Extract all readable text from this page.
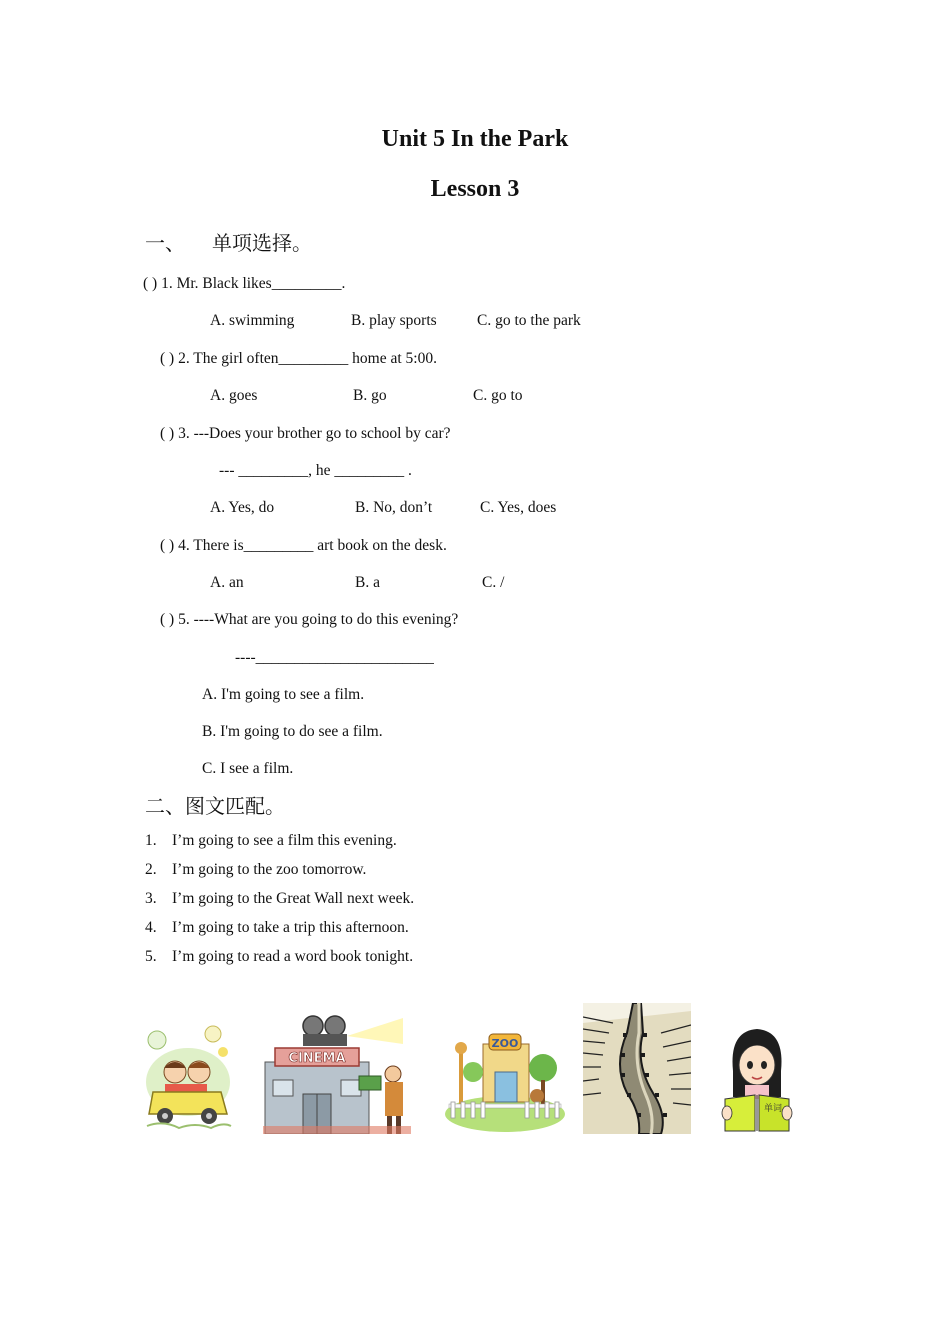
Unit 5 In the Park
Lesson 3
一、 单项选择。
( ) 1. Mr. Black likes_________.
A. swimming	B. play sports	C. go to the park
( ) 2. The girl often_________ home at 5:00.
A. goes	B. go	C. go to
( ) 3. ---Does your brother go to school by car?
--- _________, he _________ .
A. Yes, do	B. No, don’t	C. Yes, does
( ) 4. There is_________ art book on the desk.
A. an	B. a	C. /
( ) 5. ----What are you going to do this evening?
----_______________________
A. I'm going to see a film.
B. I'm going to do see a film.
C. I see a film.
二、图文匹配。
1. I’m going to see a film this evening.
2. I’m going to the zoo tomorrow.
3. I’m going to the Great Wall next week.
4. I’m going to take a trip this afternoon.
5. I’m going to read a word book tonight.
CINEMA
ZOO
单词
